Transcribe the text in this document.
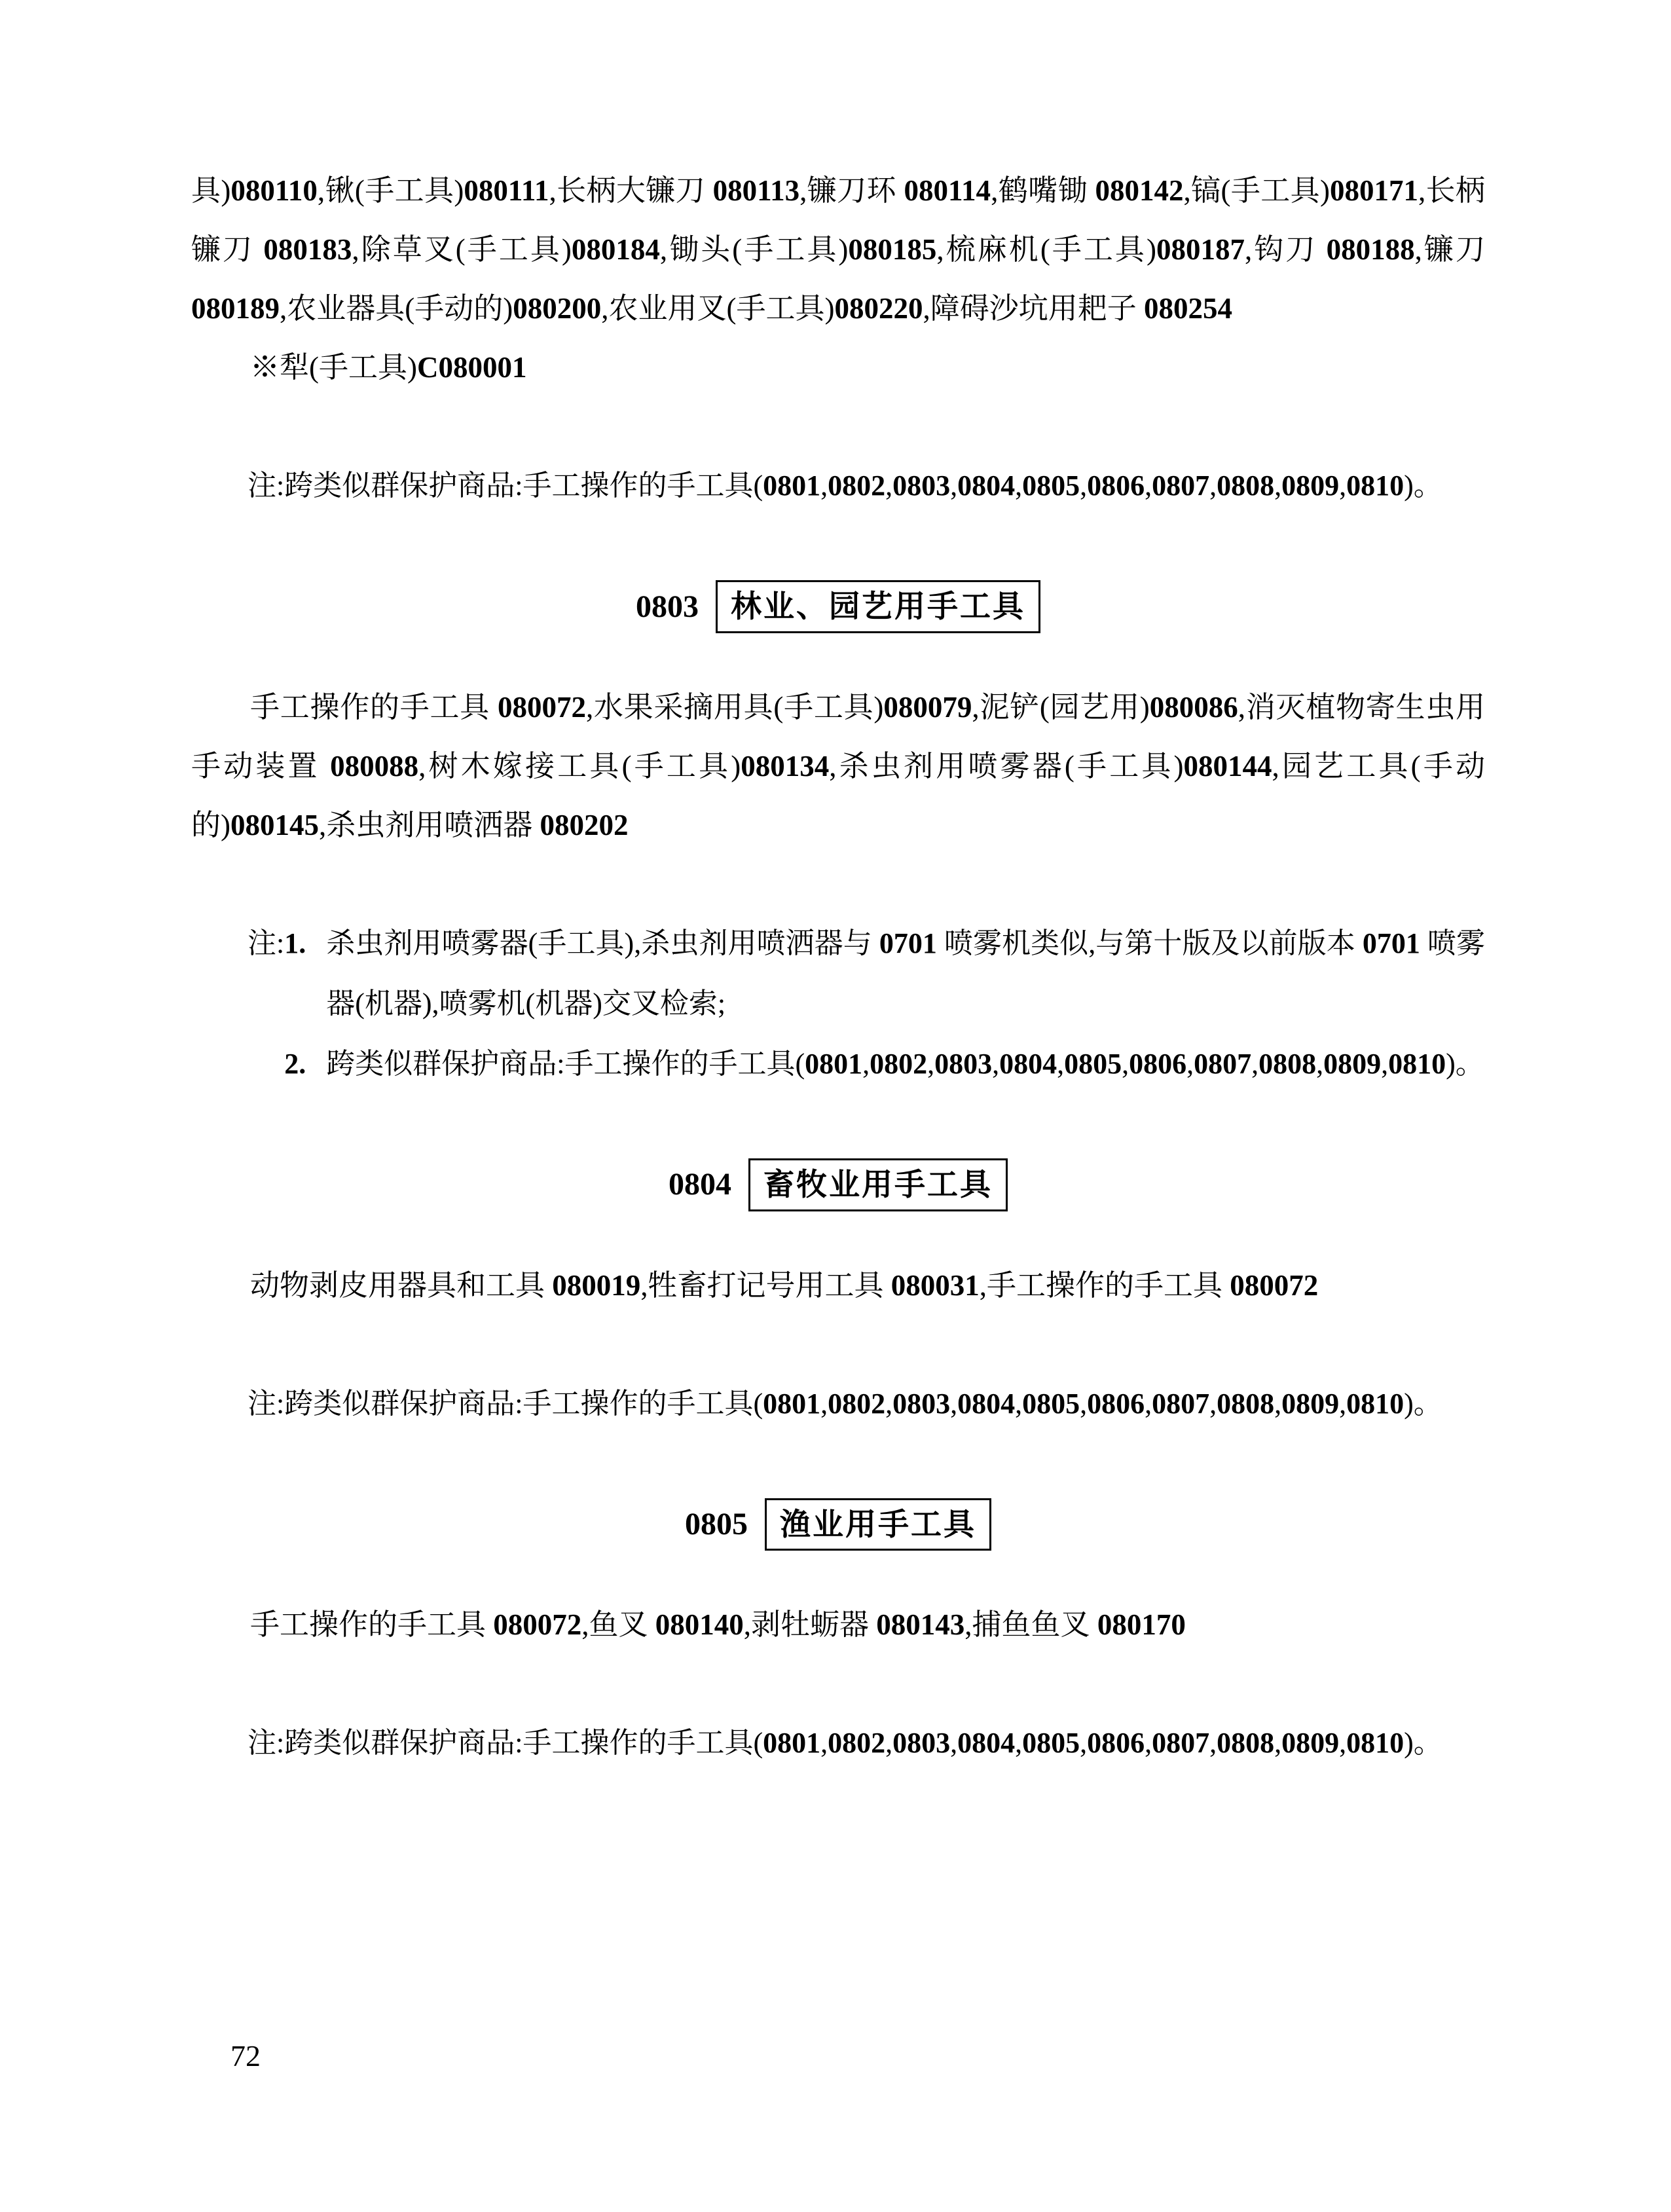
具)080110,锹(手工具)080111,长柄大镰刀 080113,镰刀环 080114,鹤嘴锄 080142,镐(手工具)080171,长柄镰刀 080183,除草叉(手工具)080184,锄头(手工具)080185,梳麻机(手工具)080187,钩刀 080188,镰刀 080189,农业器具(手动的)080200,农业用叉(手工具)080220,障碍沙坑用耙子 080254

※犁(手工具)C080001

注: 跨类似群保护商品:手工操作的手工具(0801,0802,0803,0804,0805,0806,0807,0808,0809,0810)。
0803	林业、园艺用手工具

手工操作的手工具 080072,水果采摘用具(手工具)080079,泥铲(园艺用)080086,消灭植物寄生虫用手动装置 080088,树木嫁接工具(手工具)080134,杀虫剂用喷雾器(手工具)080144,园艺工具(手动的)080145,杀虫剂用喷洒器 080202

注: 1. 杀虫剂用喷雾器(手工具),杀虫剂用喷洒器与 0701 喷雾机类似,与第十版及以前版本 0701 喷雾器(机器),喷雾机(机器)交叉检索;
2. 跨类似群保护商品:手工操作的手工具(0801,0802,0803,0804,0805,0806,0807,0808,0809,0810)。
0804	畜牧业用手工具

动物剥皮用器具和工具 080019,牲畜打记号用工具 080031,手工操作的手工具 080072

注: 跨类似群保护商品:手工操作的手工具(0801,0802,0803,0804,0805,0806,0807,0808,0809,0810)。
0805	渔业用手工具

手工操作的手工具 080072,鱼叉 080140,剥牡蛎器 080143,捕鱼鱼叉 080170

注: 跨类似群保护商品:手工操作的手工具(0801,0802,0803,0804,0805,0806,0807,0808,0809,0810)。
72
